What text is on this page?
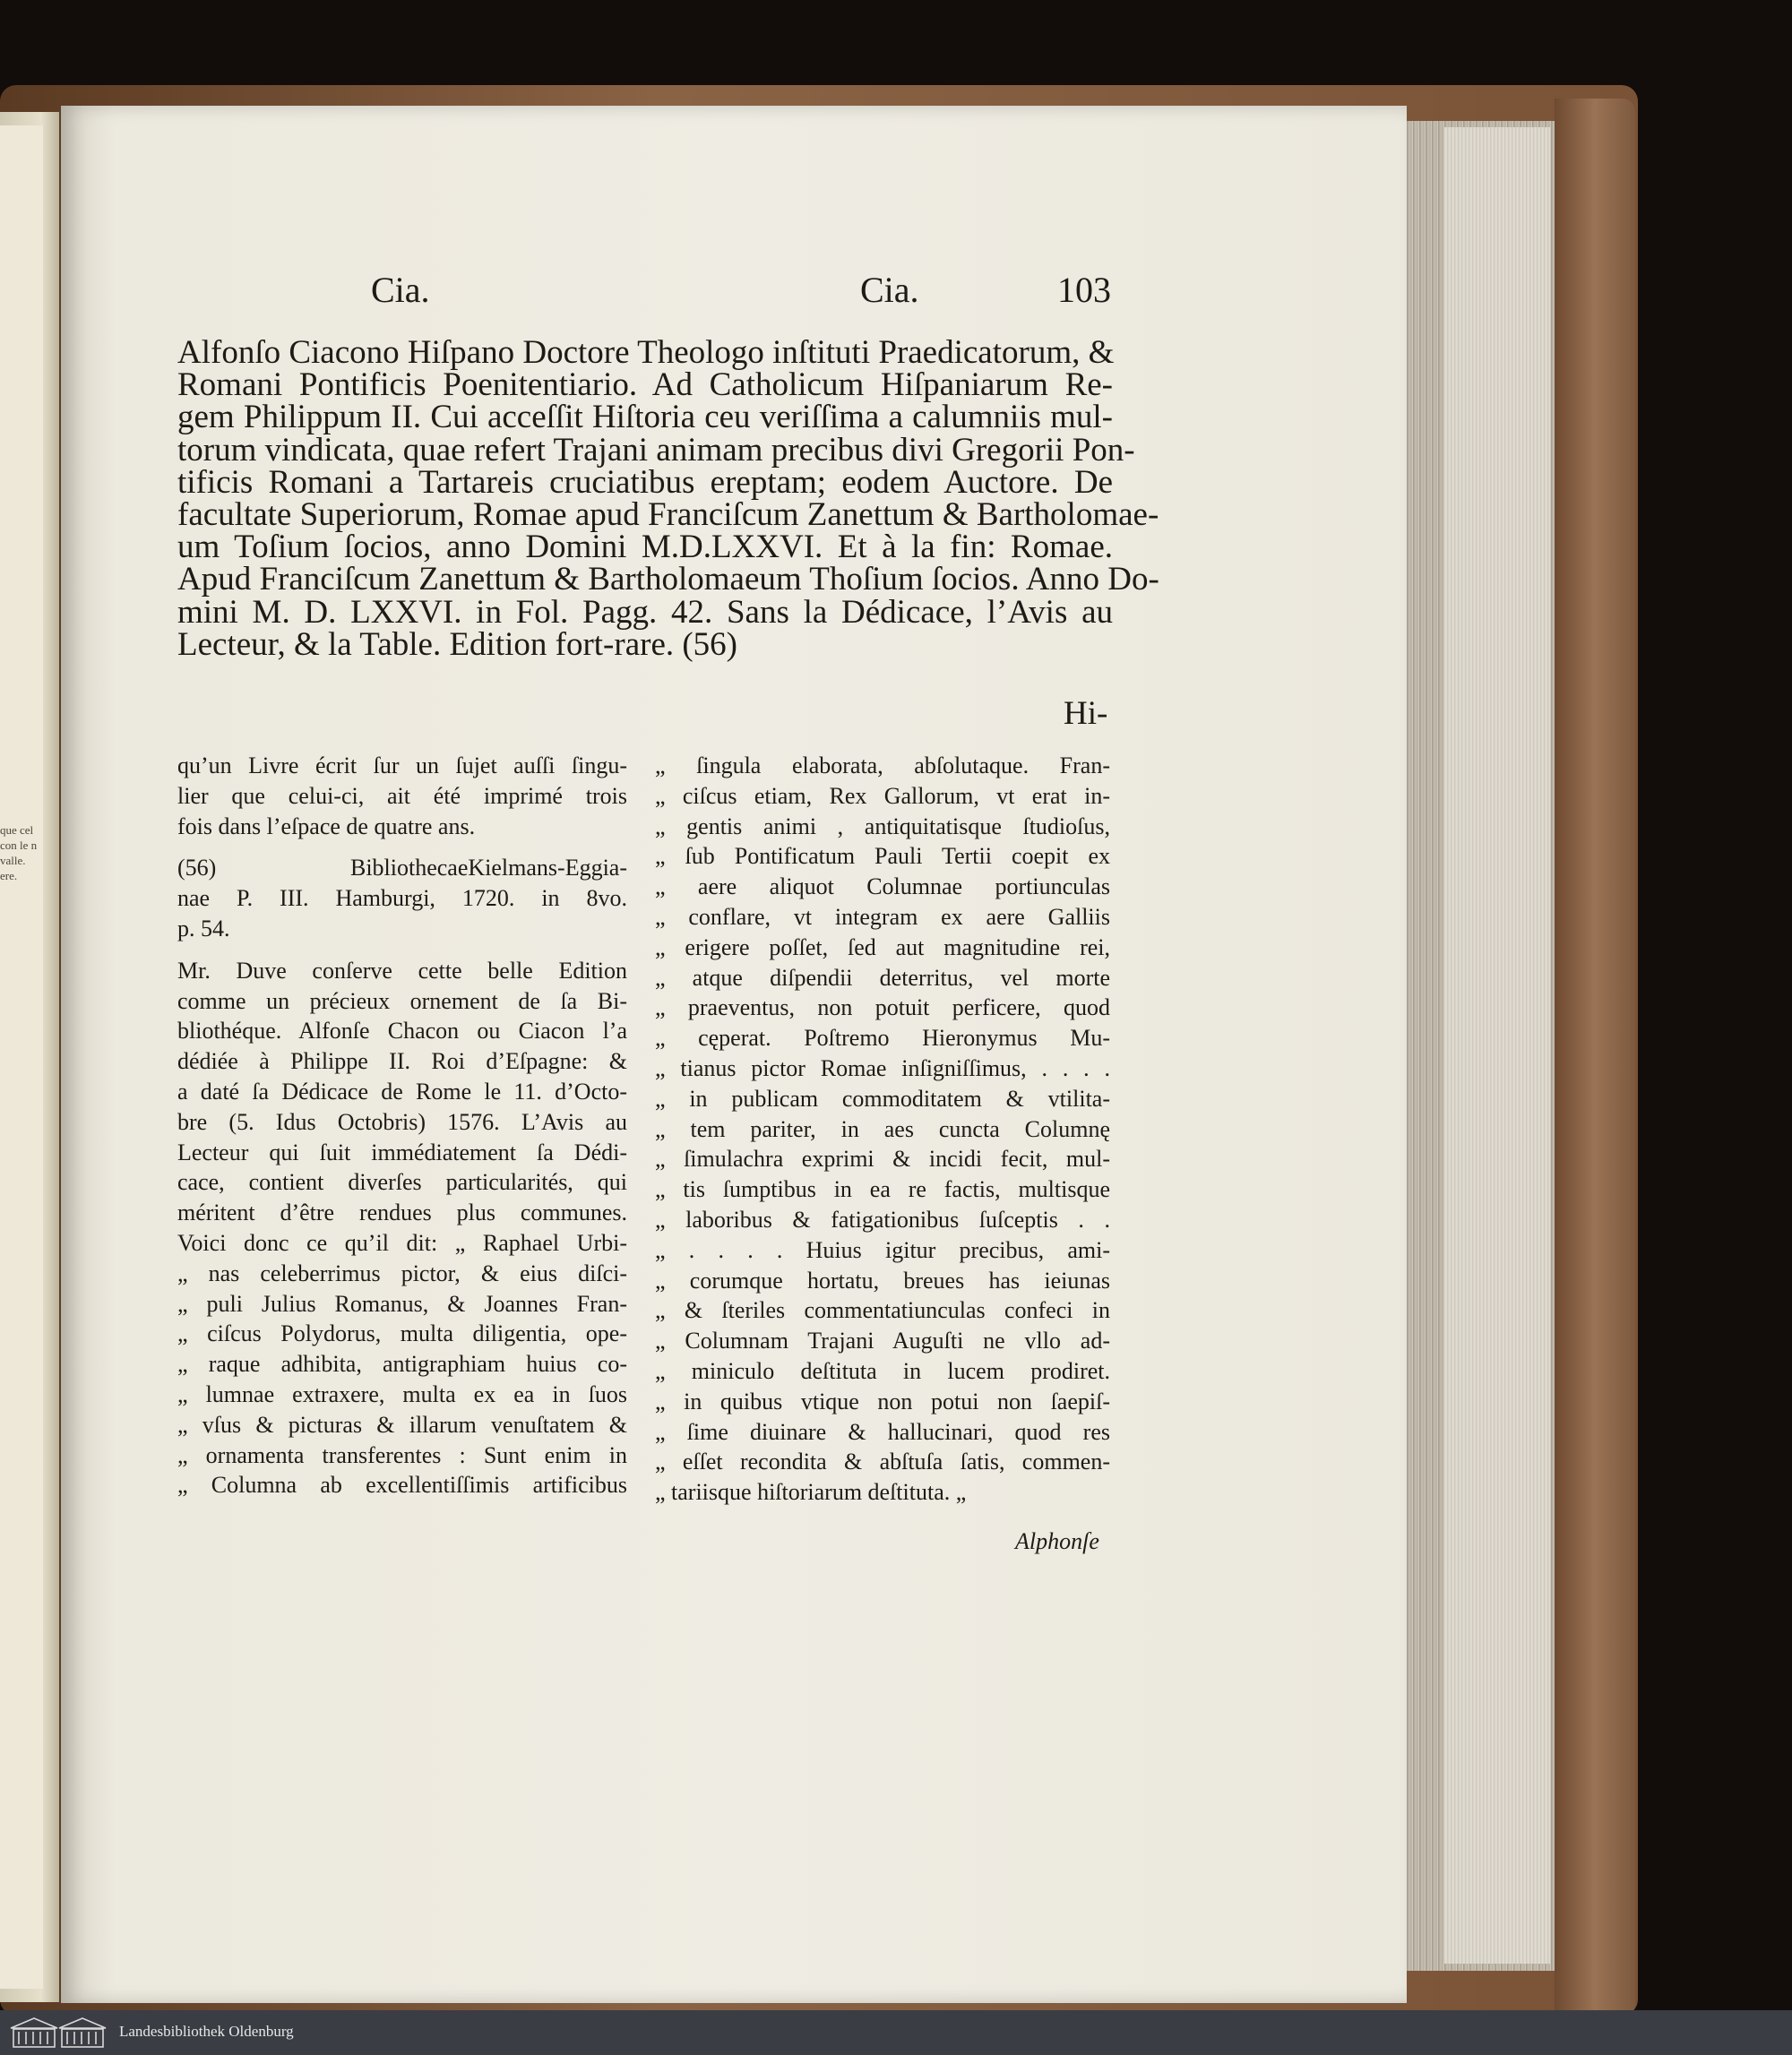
que cel
con le n
valle.
ere.
Cia.	Cia.	103
Alfonſo Ciacono Hiſpano Doctore Theologo inſtituti Praedicatorum, &
Romani Pontificis Poenitentiario. Ad Catholicum Hiſpaniarum Re-
gem Philippum II. Cui acceſſit Hiſtoria ceu veriſſima a calumniis mul-
torum vindicata, quae refert Trajani animam precibus divi Gregorii Pon-
tificis Romani a Tartareis cruciatibus ereptam; eodem Auctore. De
facultate Superiorum, Romae apud Franciſcum Zanettum & Bartholomae-
um Toſium ſocios, anno Domini M.D.LXXVI. Et à la fin: Romae.
Apud Franciſcum Zanettum & Bartholomaeum Thoſium ſocios. Anno Do-
mini M. D. LXXVI. in Fol. Pagg. 42. Sans la Dédicace, l’Avis au
Lecteur, & la Table. Edition fort-rare. (56)
Hi-
qu’un Livre écrit ſur un ſujet auſſi ſingu-
lier que celui-ci, ait été imprimé trois
fois dans l’eſpace de quatre ans.
(56) BibliothecaeKielmans-Eggia-
nae P. III. Hamburgi, 1720. in 8vo.
p. 54.
Mr. Duve conſerve cette belle Edition
comme un précieux ornement de ſa Bi-
bliothéque. Alfonſe Chacon ou Ciacon l’a
dédiée à Philippe II. Roi d’Eſpagne: &
a daté ſa Dédicace de Rome le 11. d’Octo-
bre (5. Idus Octobris) 1576. L’Avis au
Lecteur qui ſuit immédiatement ſa Dédi-
cace, contient diverſes particularités, qui
méritent d’être rendues plus communes.
Voici donc ce qu’il dit: „ Raphael Urbi-
„ nas celeberrimus pictor, & eius diſci-
„ puli Julius Romanus, & Joannes Fran-
„ ciſcus Polydorus, multa diligentia, ope-
„ raque adhibita, antigraphiam huius co-
„ lumnae extraxere, multa ex ea in ſuos
„ vſus & picturas & illarum venuſtatem &
„ ornamenta transferentes : Sunt enim in
„ Columna ab excellentiſſimis artificibus
„ ſingula elaborata, abſolutaque. Fran-
„ ciſcus etiam, Rex Gallorum, vt erat in-
„ gentis animi , antiquitatisque ſtudioſus,
„ ſub Pontificatum Pauli Tertii coepit ex
„ aere aliquot Columnae portiunculas
„ conflare, vt integram ex aere Galliis
„ erigere poſſet, ſed aut magnitudine rei,
„ atque diſpendii deterritus, vel morte
„ praeventus, non potuit perficere, quod
„ cęperat. Poſtremo Hieronymus Mu-
„ tianus pictor Romae inſigniſſimus, . . . .
„ in publicam commoditatem & vtilita-
„ tem pariter, in aes cuncta Columnę
„ ſimulachra exprimi & incidi fecit, mul-
„ tis ſumptibus in ea re factis, multisque
„ laboribus & fatigationibus ſuſceptis . .
„ . . . . Huius igitur precibus, ami-
„ corumque hortatu, breues has ieiunas
„ & ſteriles commentatiunculas confeci in
„ Columnam Trajani Auguſti ne vllo ad-
„ miniculo deſtituta in lucem prodiret.
„ in quibus vtique non potui non ſaepiſ-
„ ſime diuinare & hallucinari, quod res
„ eſſet recondita & abſtuſa ſatis, commen-
„ tariisque hiſtoriarum deſtituta. „
Alphonſe
Landesbibliothek Oldenburg
